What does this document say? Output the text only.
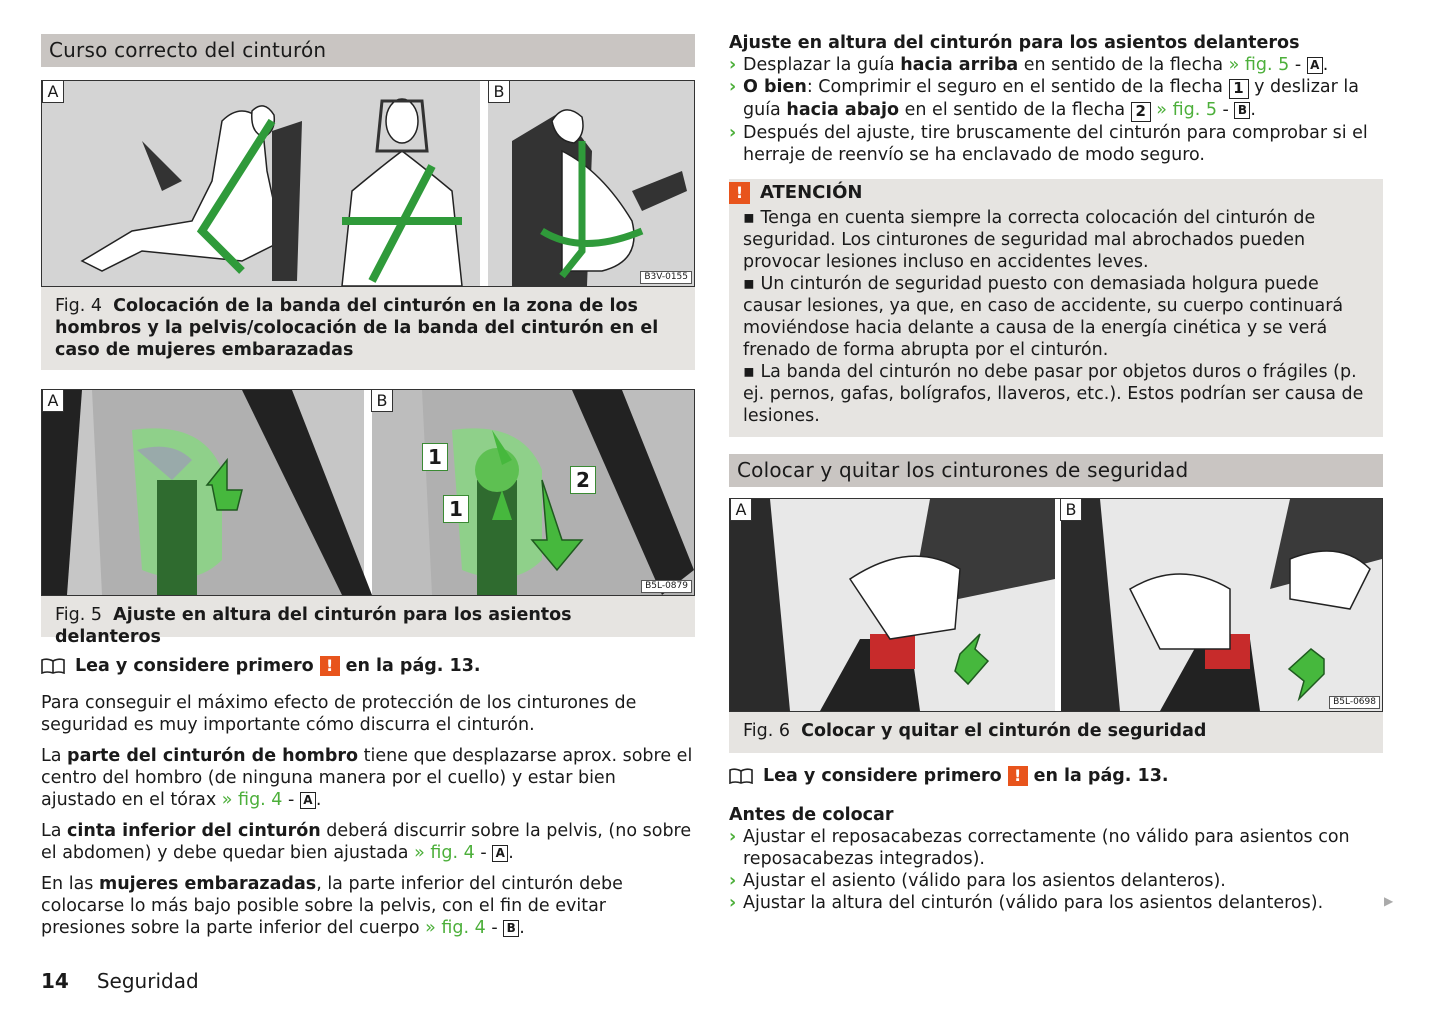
Curso correcto del cinturón
A	B
B3V-0155
Fig. 4 Colocación de la banda del cinturón en la zona de los hombros y la pelvis/colocación de la banda del cinturón en el caso de mujeres embarazadas
A	B
1
1
2
B5L-0879
Fig. 5 Ajuste en altura del cinturón para los asientos delanteros
Lea y considere primero ! en la pág. 13.

Para conseguir el máximo efecto de protección de los cinturones de seguridad es muy importante cómo discurra el cinturón.

La parte del cinturón de hombro tiene que desplazarse aprox. sobre el centro del hombro (de ninguna manera por el cuello) y estar bien ajustado en el tórax » fig. 4 - A .

La cinta inferior del cinturón deberá discurrir sobre la pelvis, (no sobre el abdomen) y debe quedar bien ajustada » fig. 4 - A .

En las mujeres embarazadas, la parte inferior del cinturón debe colocarse lo más bajo posible sobre la pelvis, con el fin de evitar presiones sobre la parte inferior del cuerpo » fig. 4 - B .

Ajuste en altura del cinturón para los asientos delanteros
› Desplazar la guía hacia arriba en sentido de la flecha » fig. 5 - A .
› O bien: Comprimir el seguro en el sentido de la flecha 1 y deslizar la guía hacia abajo en el sentido de la flecha 2 » fig. 5 - B .
› Después del ajuste, tire bruscamente del cinturón para comprobar si el herraje de reenvío se ha enclavado de modo seguro.
! ATENCIÓN
▪ Tenga en cuenta siempre la correcta colocación del cinturón de seguridad. Los cinturones de seguridad mal abrochados pueden provocar lesiones incluso en accidentes leves.
▪ Un cinturón de seguridad puesto con demasiada holgura puede causar lesiones, ya que, en caso de accidente, su cuerpo continuará moviéndose hacia delante a causa de la energía cinética y se verá frenado de forma abrupta por el cinturón.
▪ La banda del cinturón no debe pasar por objetos duros o frágiles (p. ej. pernos, gafas, bolígrafos, llaveros, etc.). Estos podrían ser causa de lesiones.
Colocar y quitar los cinturones de seguridad
A	B
B5L-0698
Fig. 6 Colocar y quitar el cinturón de seguridad
Lea y considere primero ! en la pág. 13.
Antes de colocar
› Ajustar el reposacabezas correctamente (no válido para asientos con reposacabezas integrados).
› Ajustar el asiento (válido para los asientos delanteros).
› Ajustar la altura del cinturón (válido para los asientos delanteros).	▶
14 Seguridad
